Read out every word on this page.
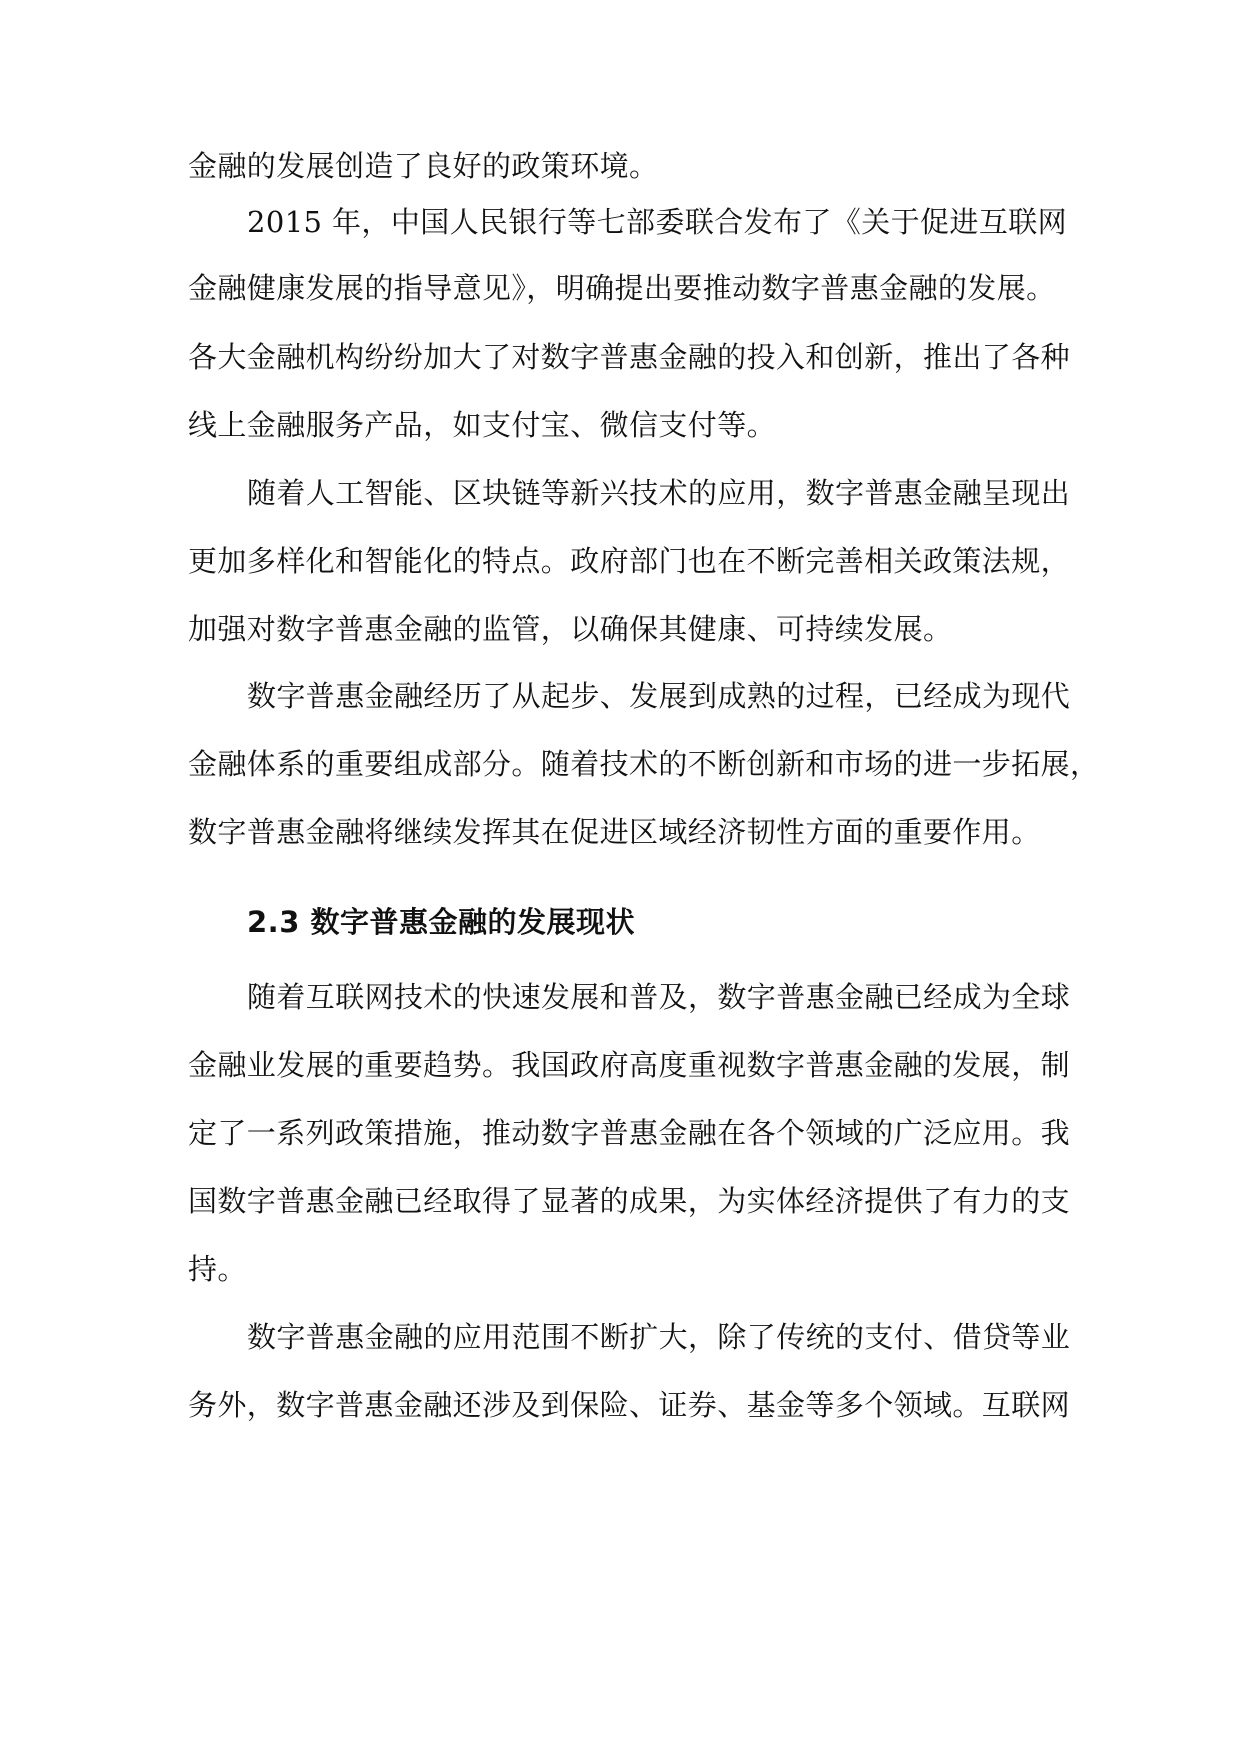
金融的发展创造了良好的政策环境。
2015 年，中国人民银行等七部委联合发布了《关于促进互联网
金融健康发展的指导意见》，明确提出要推动数字普惠金融的发展。
各大金融机构纷纷加大了对数字普惠金融的投入和创新，推出了各种
线上金融服务产品，如支付宝、微信支付等。
随着人工智能、区块链等新兴技术的应用，数字普惠金融呈现出
更加多样化和智能化的特点。政府部门也在不断完善相关政策法规，
加强对数字普惠金融的监管，以确保其健康、可持续发展。
数字普惠金融经历了从起步、发展到成熟的过程，已经成为现代
金融体系的重要组成部分。随着技术的不断创新和市场的进一步拓展，
数字普惠金融将继续发挥其在促进区域经济韧性方面的重要作用。
2.3 数字普惠金融的发展现状
随着互联网技术的快速发展和普及，数字普惠金融已经成为全球
金融业发展的重要趋势。我国政府高度重视数字普惠金融的发展，制
定了一系列政策措施，推动数字普惠金融在各个领域的广泛应用。我
国数字普惠金融已经取得了显著的成果，为实体经济提供了有力的支
持。
数字普惠金融的应用范围不断扩大，除了传统的支付、借贷等业
务外，数字普惠金融还涉及到保险、证券、基金等多个领域。互联网
